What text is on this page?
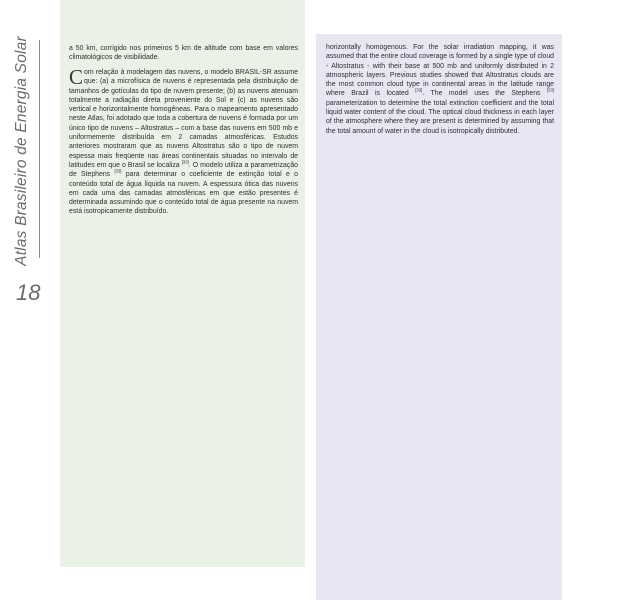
Atlas Brasileiro de Energia Solar
18

a 50 km, corrigido nos primeiros 5 km de altitude com base em valores climatológicos de visibilidade.

Com relação à modelagem das nuvens, o modelo BRASIL-SR assume que: (a) a microfísica de nuvens é representada pela distribuição de tamanhos de gotículas do tipo de nuvem presente; (b) as nuvens atenuam totalmente a radiação direta proveniente do Sol e (c) as nuvens são vertical e horizontalmente homogêneas. Para o mapeamento apresentado neste Atlas, foi adotado que toda a cobertura de nuvens é formada por um único tipo de nuvens – Altostratus – com a base das nuvens em 500 mb e uniformemente distribuída em 2 camadas atmosféricas. Estudos anteriores mostraram que as nuvens Altostratus são o tipo de nuvem espessa mais freqüente nas áreas continentais situadas no intervalo de latitudes em que o Brasil se localiza [33]. O modelo utiliza a parametrização de Stephens [33] para determinar o coeficiente de extinção total e o conteúdo total de água líquida na nuvem. A espessura ótica das nuvens em cada uma das camadas atmosféricas em que estão presentes é determinada assumindo que o conteúdo total de água presente na nuvem está isotropicamente distribuído.

horizontally homogenous. For the solar irradiation mapping, it was assumed that the entire cloud coverage is formed by a single type of cloud - Altostratus - with their base at 500 mb and uniformly distributed in 2 atmospheric layers. Previous studies showed that Altostratus clouds are the most common cloud type in continental areas in the latitude range where Brazil is located [33]. The model uses the Stephens [33] parameterization to determine the total extinction coefficient and the total liquid water content of the cloud. The optical cloud thickness in each layer of the atmosphere where they are present is determined by assuming that the total amount of water in the cloud is isotropically distributed.
